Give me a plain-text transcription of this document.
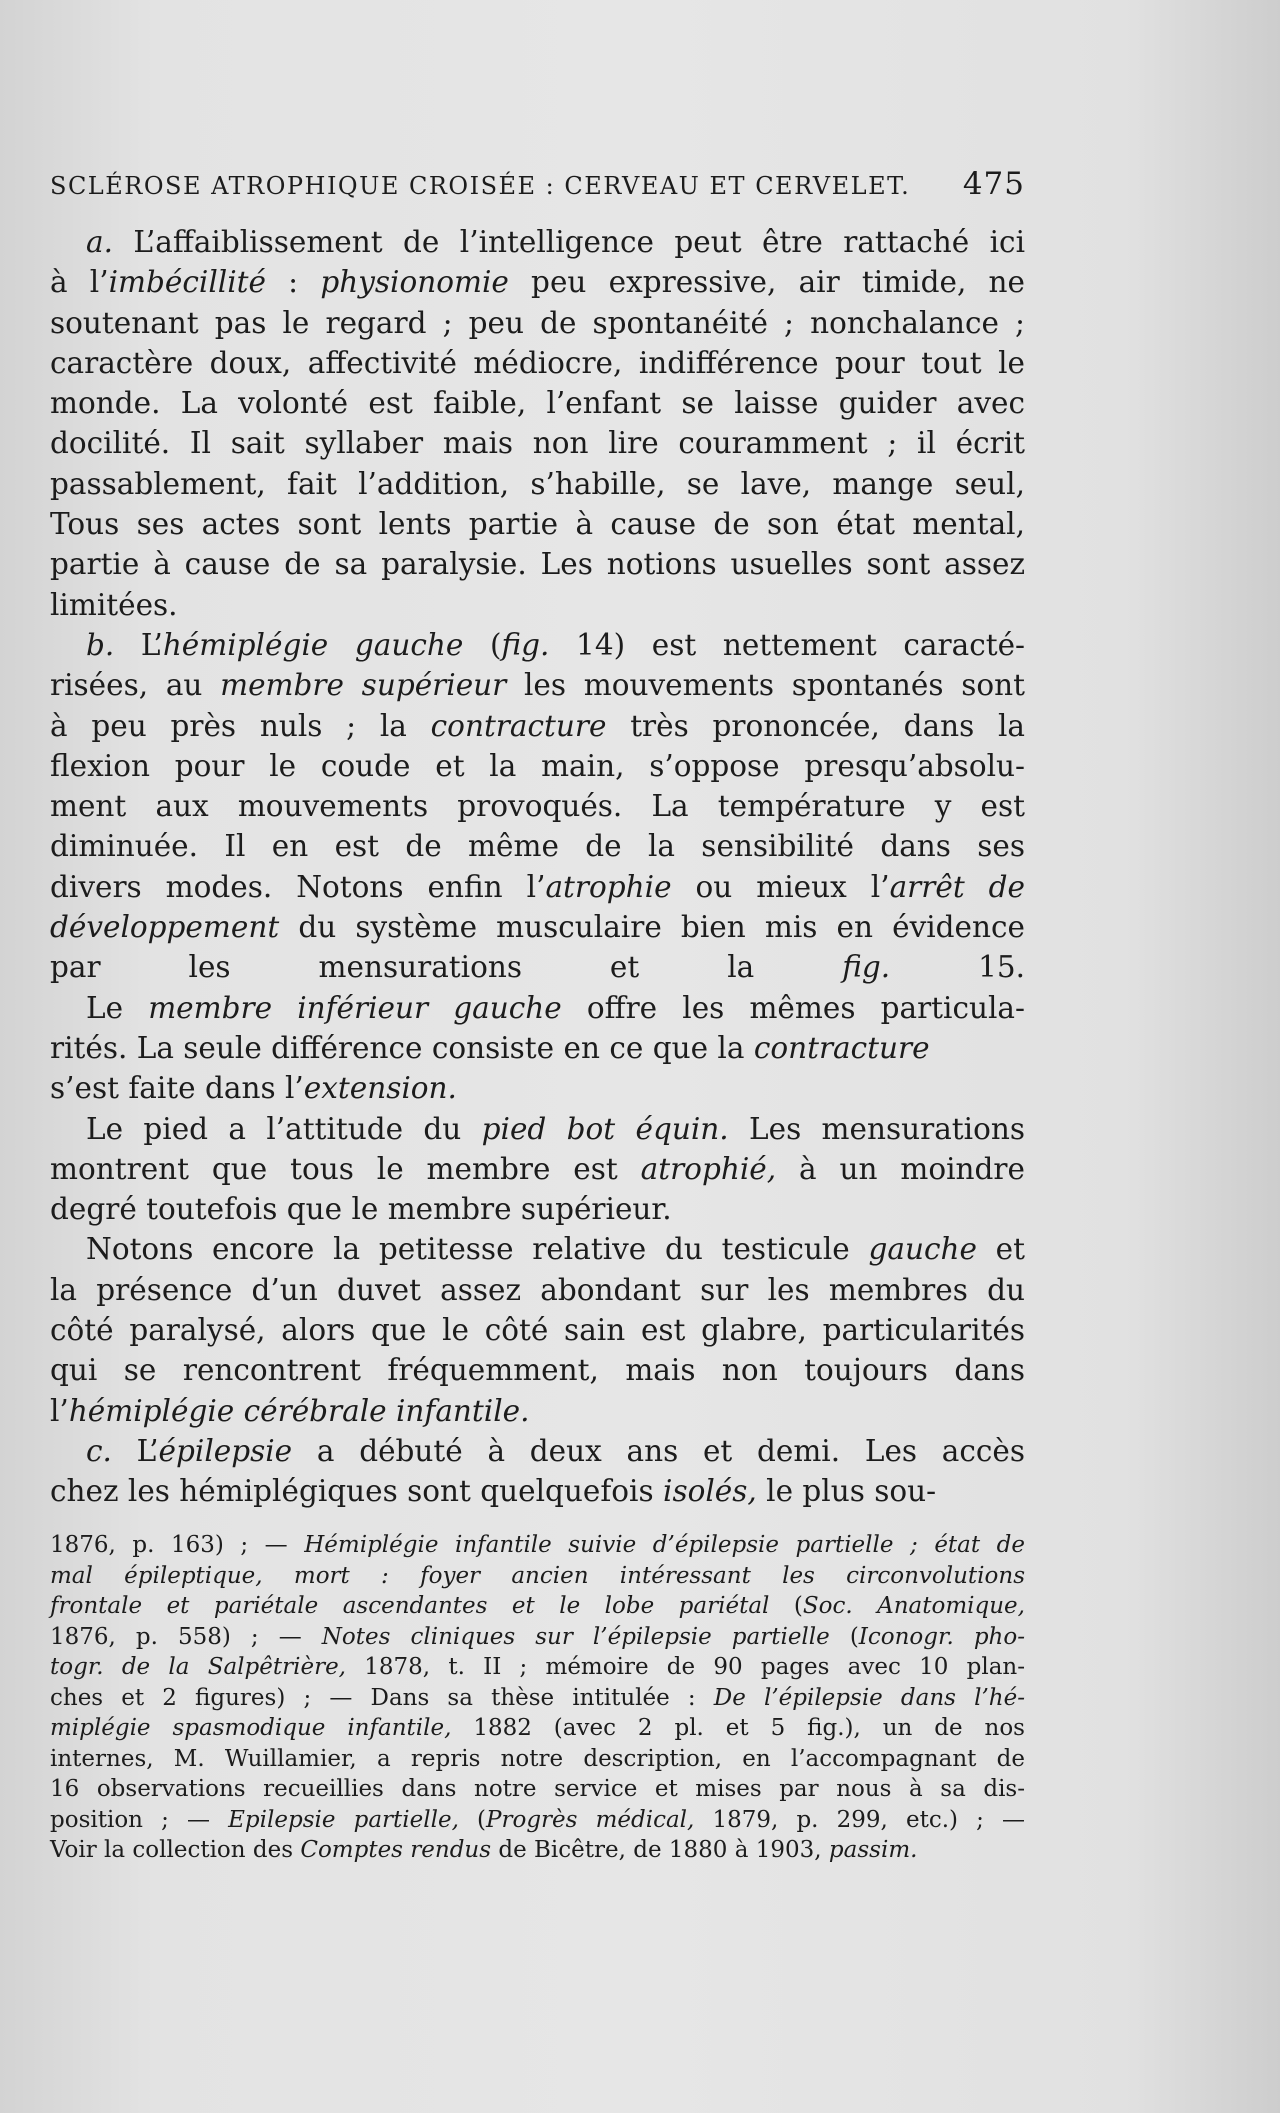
SCLÉROSE ATROPHIQUE CROISÉE : CERVEAU ET CERVELET. 475
a. L’affaiblissement de l’intelligence peut être rattaché ici
à l’imbécillité : physionomie peu expressive, air timide, ne
soutenant pas le regard ; peu de spontanéité ; nonchalance ;
caractère doux, affectivité médiocre, indifférence pour tout le
monde. La volonté est faible, l’enfant se laisse guider avec
docilité. Il sait syllaber mais non lire couramment ; il écrit
passablement, fait l’addition, s’habille, se lave, mange seul,
Tous ses actes sont lents partie à cause de son état mental,
partie à cause de sa paralysie. Les notions usuelles sont assez
limitées.
b. L’hémiplégie gauche (fig. 14) est nettement caracté-
risées, au membre supérieur les mouvements spontanés sont
à peu près nuls ; la contracture très prononcée, dans la
flexion pour le coude et la main, s’oppose presqu’absolu-
ment aux mouvements provoqués. La température y est
diminuée. Il en est de même de la sensibilité dans ses
divers modes. Notons enfin l’atrophie ou mieux l’arrêt de
développement du système musculaire bien mis en évidence
par les mensurations et la fig. 15.
Le membre inférieur gauche offre les mêmes particula-
rités. La seule différence consiste en ce que la contracture
s’est faite dans l’extension.
Le pied a l’attitude du pied bot équin. Les mensurations
montrent que tous le membre est atrophié, à un moindre
degré toutefois que le membre supérieur.
Notons encore la petitesse relative du testicule gauche et
la présence d’un duvet assez abondant sur les membres du
côté paralysé, alors que le côté sain est glabre, particularités
qui se rencontrent fréquemment, mais non toujours dans
l’hémiplégie cérébrale infantile.
c. L’épilepsie a débuté à deux ans et demi. Les accès
chez les hémiplégiques sont quelquefois isolés, le plus sou-
1876, p. 163) ; — Hémiplégie infantile suivie d’épilepsie partielle ; état de
mal épileptique, mort : foyer ancien intéressant les circonvolutions
frontale et pariétale ascendantes et le lobe pariétal (Soc. Anatomique,
1876, p. 558) ; — Notes cliniques sur l’épilepsie partielle (Iconogr. pho-
togr. de la Salpêtrière, 1878, t. II ; mémoire de 90 pages avec 10 plan-
ches et 2 figures) ; — Dans sa thèse intitulée : De l’épilepsie dans l’hé-
miplégie spasmodique infantile, 1882 (avec 2 pl. et 5 fig.), un de nos
internes, M. Wuillamier, a repris notre description, en l’accompagnant de
16 observations recueillies dans notre service et mises par nous à sa dis-
position ; — Epilepsie partielle, (Progrès médical, 1879, p. 299, etc.) ; —
Voir la collection des Comptes rendus de Bicêtre, de 1880 à 1903, passim.
